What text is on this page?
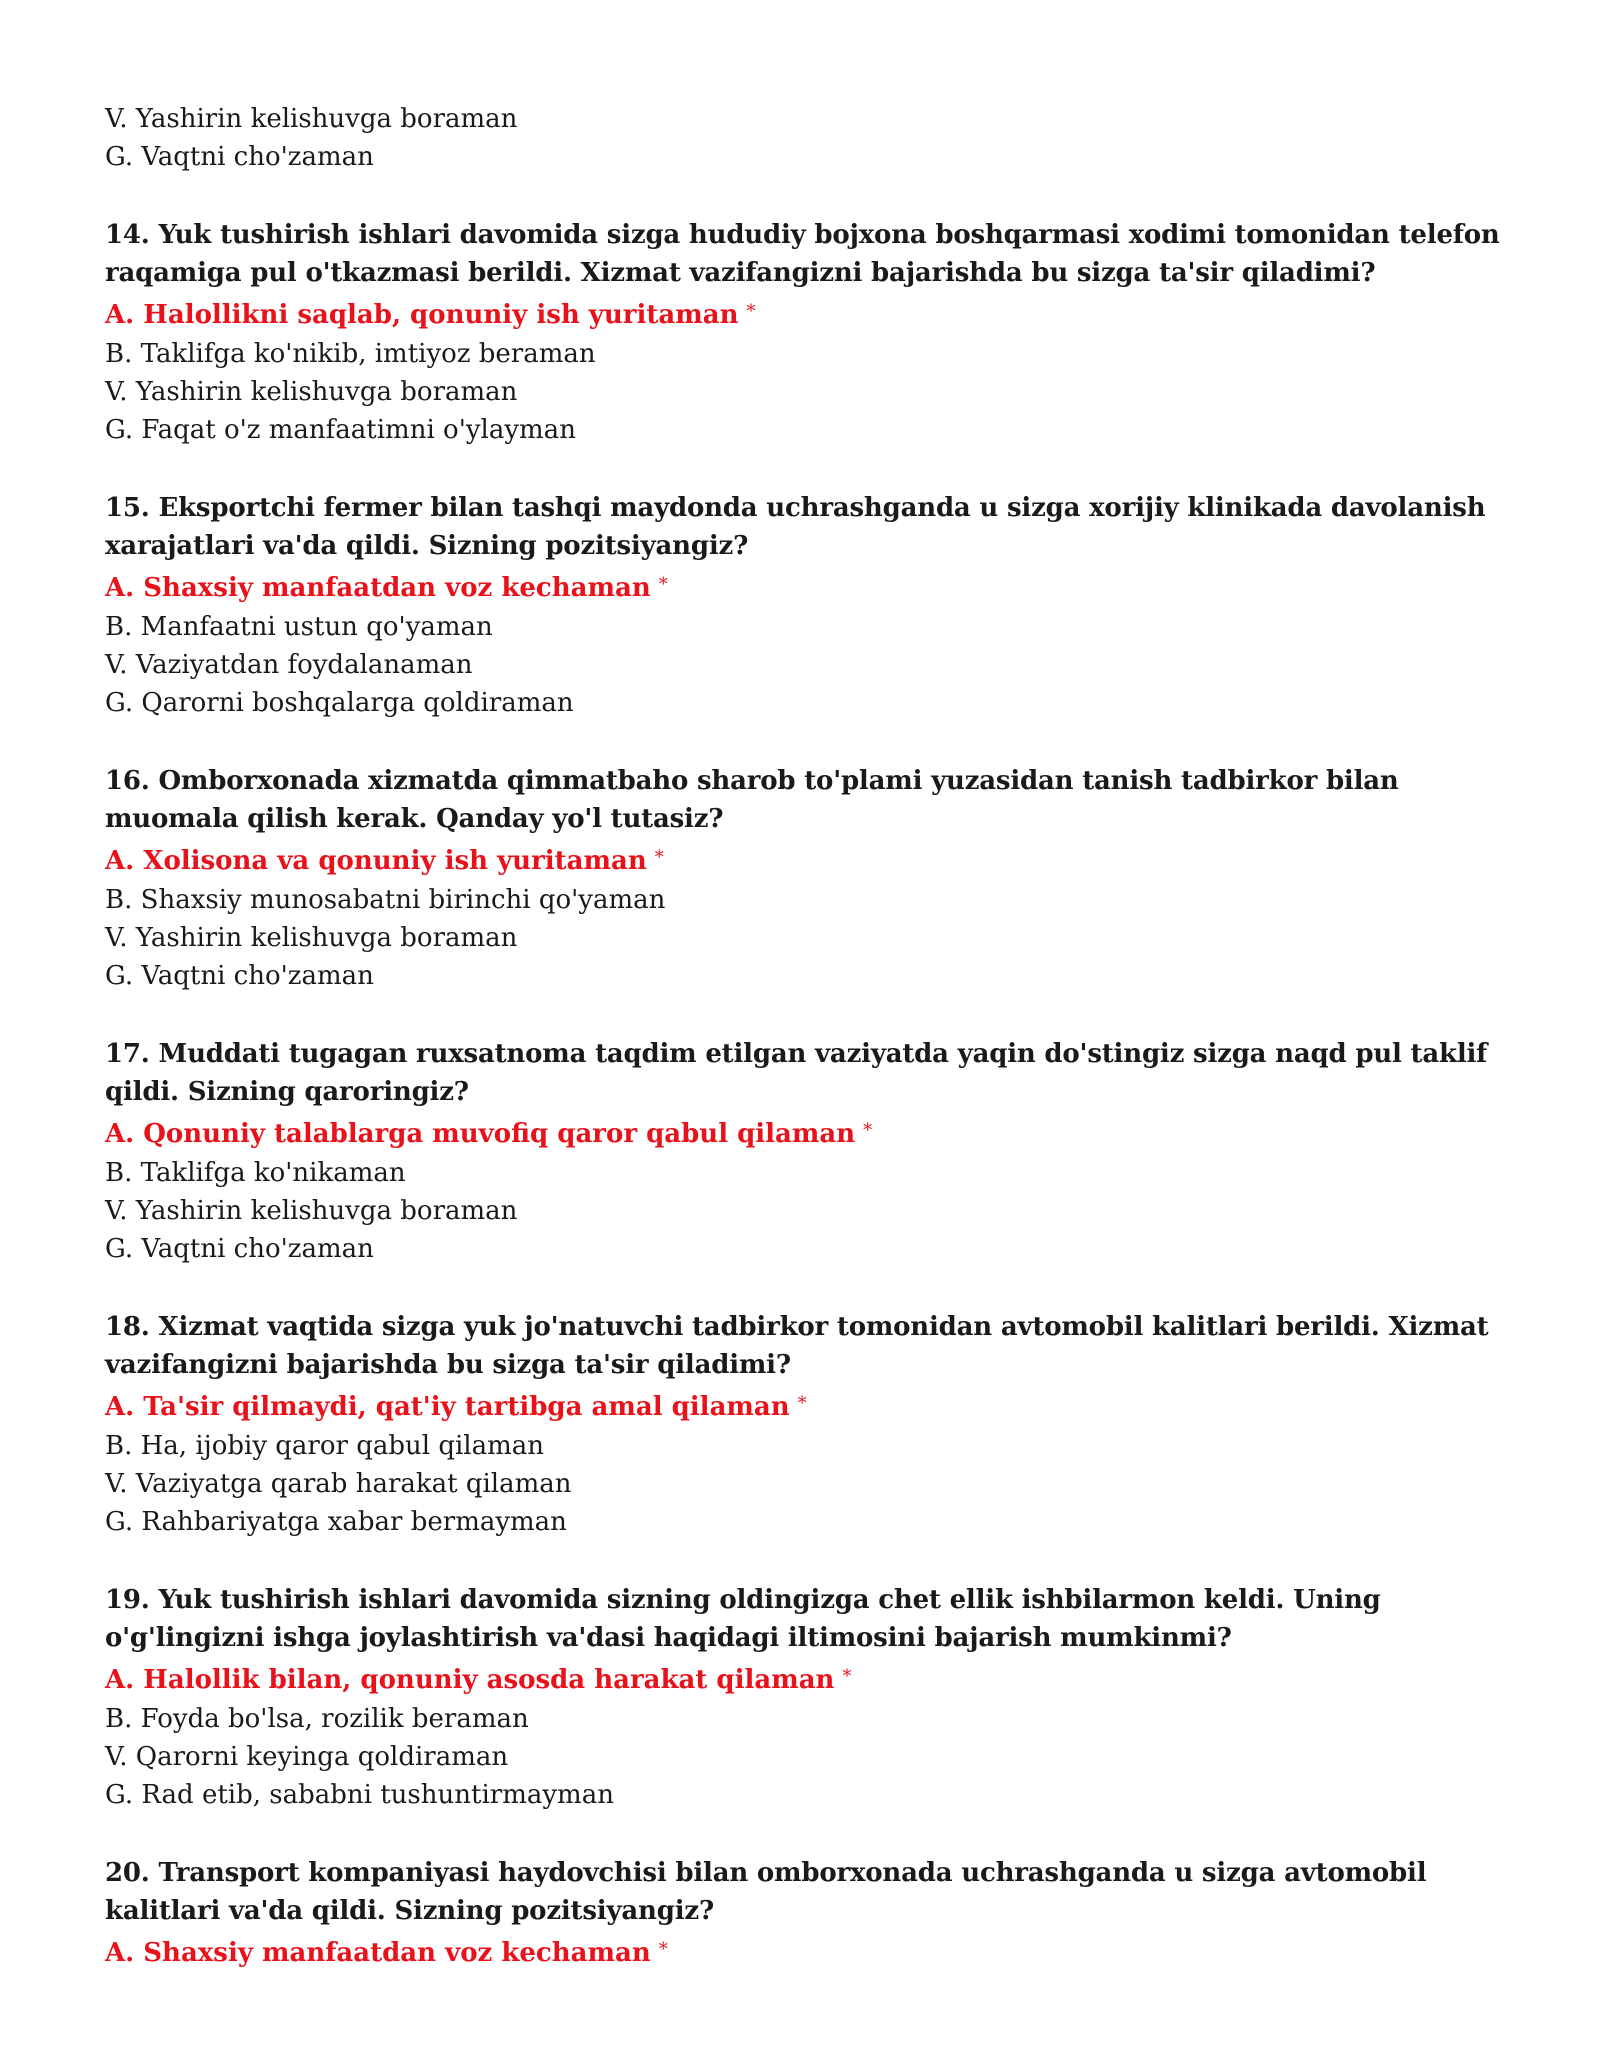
V. Yashirin kelishuvga boraman
G. Vaqtni cho'zaman
14. Yuk tushirish ishlari davomida sizga hududiy bojxona boshqarmasi xodimi tomonidan telefon raqamiga pul o'tkazmasi berildi. Xizmat vazifangizni bajarishda bu sizga ta'sir qiladimi?
A. Halollikni saqlab, qonuniy ish yuritaman *
B. Taklifga ko'nikib, imtiyoz beraman
V. Yashirin kelishuvga boraman
G. Faqat o'z manfaatimni o'ylayman
15. Eksportchi fermer bilan tashqi maydonda uchrashganda u sizga xorijiy klinikada davolanish xarajatlari va'da qildi. Sizning pozitsiyangiz?
A. Shaxsiy manfaatdan voz kechaman *
B. Manfaatni ustun qo'yaman
V. Vaziyatdan foydalanaman
G. Qarorni boshqalarga qoldiraman
16. Omborxonada xizmatda qimmatbaho sharob to'plami yuzasidan tanish tadbirkor bilan muomala qilish kerak. Qanday yo'l tutasiz?
A. Xolisona va qonuniy ish yuritaman *
B. Shaxsiy munosabatni birinchi qo'yaman
V. Yashirin kelishuvga boraman
G. Vaqtni cho'zaman
17. Muddati tugagan ruxsatnoma taqdim etilgan vaziyatda yaqin do'stingiz sizga naqd pul taklif qildi. Sizning qaroringiz?
A. Qonuniy talablarga muvofiq qaror qabul qilaman *
B. Taklifga ko'nikaman
V. Yashirin kelishuvga boraman
G. Vaqtni cho'zaman
18. Xizmat vaqtida sizga yuk jo'natuvchi tadbirkor tomonidan avtomobil kalitlari berildi. Xizmat vazifangizni bajarishda bu sizga ta'sir qiladimi?
A. Ta'sir qilmaydi, qat'iy tartibga amal qilaman *
B. Ha, ijobiy qaror qabul qilaman
V. Vaziyatga qarab harakat qilaman
G. Rahbariyatga xabar bermayman
19. Yuk tushirish ishlari davomida sizning oldingizga chet ellik ishbilarmon keldi. Uning o'g'lingizni ishga joylashtirish va'dasi haqidagi iltimosini bajarish mumkinmi?
A. Halollik bilan, qonuniy asosda harakat qilaman *
B. Foyda bo'lsa, rozilik beraman
V. Qarorni keyinga qoldiraman
G. Rad etib, sababni tushuntirmayman
20. Transport kompaniyasi haydovchisi bilan omborxonada uchrashganda u sizga avtomobil kalitlari va'da qildi. Sizning pozitsiyangiz?
A. Shaxsiy manfaatdan voz kechaman *
